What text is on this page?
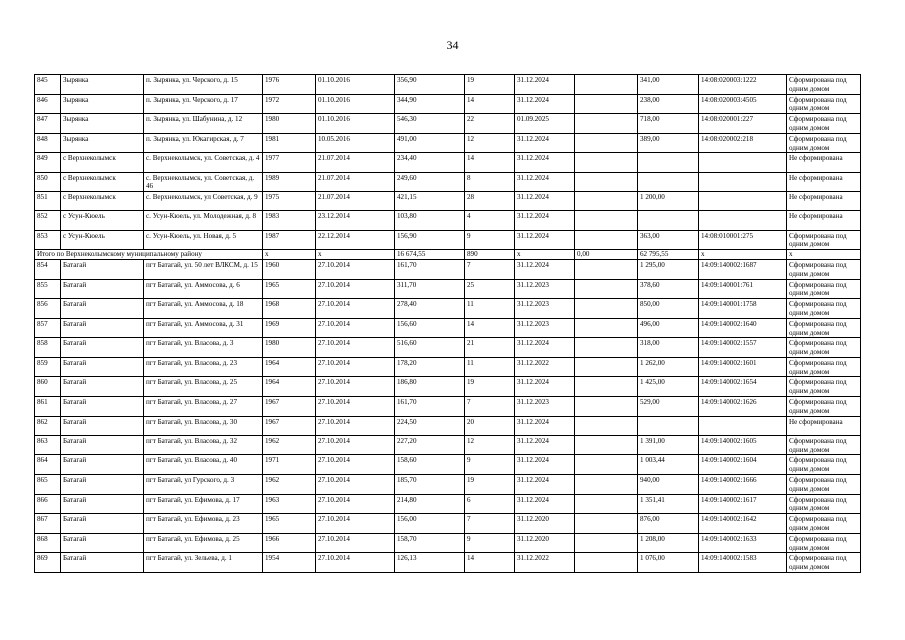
34
845	Зырянка	п. Зырянка, ул. Черского, д. 15	1976	01.10.2016	356,90	19	31.12.2024		341,00	14:08:020003:1222	Сформирована под одним домом
846	Зырянка	п. Зырянка, ул. Черского, д. 17	1972	01.10.2016	344,90	14	31.12.2024		238,00	14:08:020003:4505	Сформирована под одним домом
847	Зырянка	п. Зырянка, ул. Шабунина, д. 12	1980	01.10.2016	546,30	22	01.09.2025		718,00	14:08:020001:227	Сформирована под одним домом
848	Зырянка	п. Зырянка, ул. Юкагирская, д. 7	1981	10.05.2016	491,00	12	31.12.2024		389,00	14:08:020002:218	Сформирована под одним домом
849	с Верхнеколымск	с. Верхнеколымск, ул. Советская, д. 4	1977	21.07.2014	234,40	14	31.12.2024				Не сформирована
850	с Верхнеколымск	с. Верхнеколымск, ул. Советская, д. 46	1989	21.07.2014	249,60	8	31.12.2024				Не сформирована
851	с Верхнеколымск	с. Верхнеколымск, ул Советская, д. 9	1975	21.07.2014	421,15	28	31.12.2024		1 200,00		Не сформирована
852	с Усун-Кюель	с. Усун-Кюель, ул. Молодежная, д. 8	1983	23.12.2014	103,80	4	31.12.2024				Не сформирована
853	с Усун-Кюель	с. Усун-Кюель, ул. Новая, д. 5	1987	22.12.2014	156,90	9	31.12.2024		363,00	14:08:010001:275	Сформирована под одним домом
Итого по Верхнеколымскому муниципальному району			x	x	16 674,55	890	x	0,00	62 795,55	x	x
854	Батагай	пгт Батагай, ул. 50 лет ВЛКСМ, д. 15	1960	27.10.2014	161,70	7	31.12.2024		1 295,00	14:09:140002:1687	Сформирована под одним домом
855	Батагай	пгт Батагай, ул. Аммосова, д. 6	1965	27.10.2014	311,70	25	31.12.2023		378,60	14:09:140001:761	Сформирована под одним домом
856	Батагай	пгт Батагай, ул. Аммосова, д. 18	1968	27.10.2014	278,40	11	31.12.2023		850,00	14:09:140001:1758	Сформирована под одним домом
857	Батагай	пгт Батагай, ул. Аммосова, д. 31	1969	27.10.2014	156,60	14	31.12.2023		496,00	14:09:140002:1640	Сформирована под одним домом
858	Батагай	пгт Батагай, ул. Власова, д. 3	1980	27.10.2014	516,60	21	31.12.2024		318,00	14:09:140002:1557	Сформирована под одним домом
859	Батагай	пгт Батагай, ул. Власова, д. 23	1964	27.10.2014	178,20	11	31.12.2022		1 262,00	14:09:140002:1601	Сформирована под одним домом
860	Батагай	пгт Батагай, ул. Власова, д. 25	1964	27.10.2014	186,80	19	31.12.2024		1 425,00	14:09:140002:1654	Сформирована под одним домом
861	Батагай	пгт Батагай, ул. Власова, д. 27	1967	27.10.2014	161,70	7	31.12.2023		529,00	14:09:140002:1626	Сформирована под одним домом
862	Батагай	пгт Батагай, ул. Власова, д. 30	1967	27.10.2014	224,50	20	31.12.2024				Не сформирована
863	Батагай	пгт Батагай, ул. Власова, д. 32	1962	27.10.2014	227,20	12	31.12.2024		1 391,00	14:09:140002:1605	Сформирована под одним домом
864	Батагай	пгт Батагай, ул. Власова, д. 40	1971	27.10.2014	158,60	9	31.12.2024		1 003,44	14:09:140002:1604	Сформирована под одним домом
865	Батагай	пгт Батагай, ул Гурского, д. 3	1962	27.10.2014	185,70	19	31.12.2024		940,00	14:09:140002:1666	Сформирована под одним домом
866	Батагай	пгт Батагай, ул. Ефимова, д. 17	1963	27.10.2014	214,80	6	31.12.2024		1 351,41	14:09:140002:1617	Сформирована под одним домом
867	Батагай	пгт Батагай, ул. Ефимова, д. 23	1965	27.10.2014	156,00	7	31.12.2020		876,00	14:09:140002:1642	Сформирована под одним домом
868	Батагай	пгт Батагай, ул. Ефимова, д. 25	1966	27.10.2014	158,70	9	31.12.2020		1 208,00	14:09:140002:1633	Сформирована под одним домом
869	Батагай	пгт Батагай, ул. Зельева, д. 1	1954	27.10.2014	126,13	14	31.12.2022		1 076,00	14:09:140002:1583	Сформирована под одним домом
